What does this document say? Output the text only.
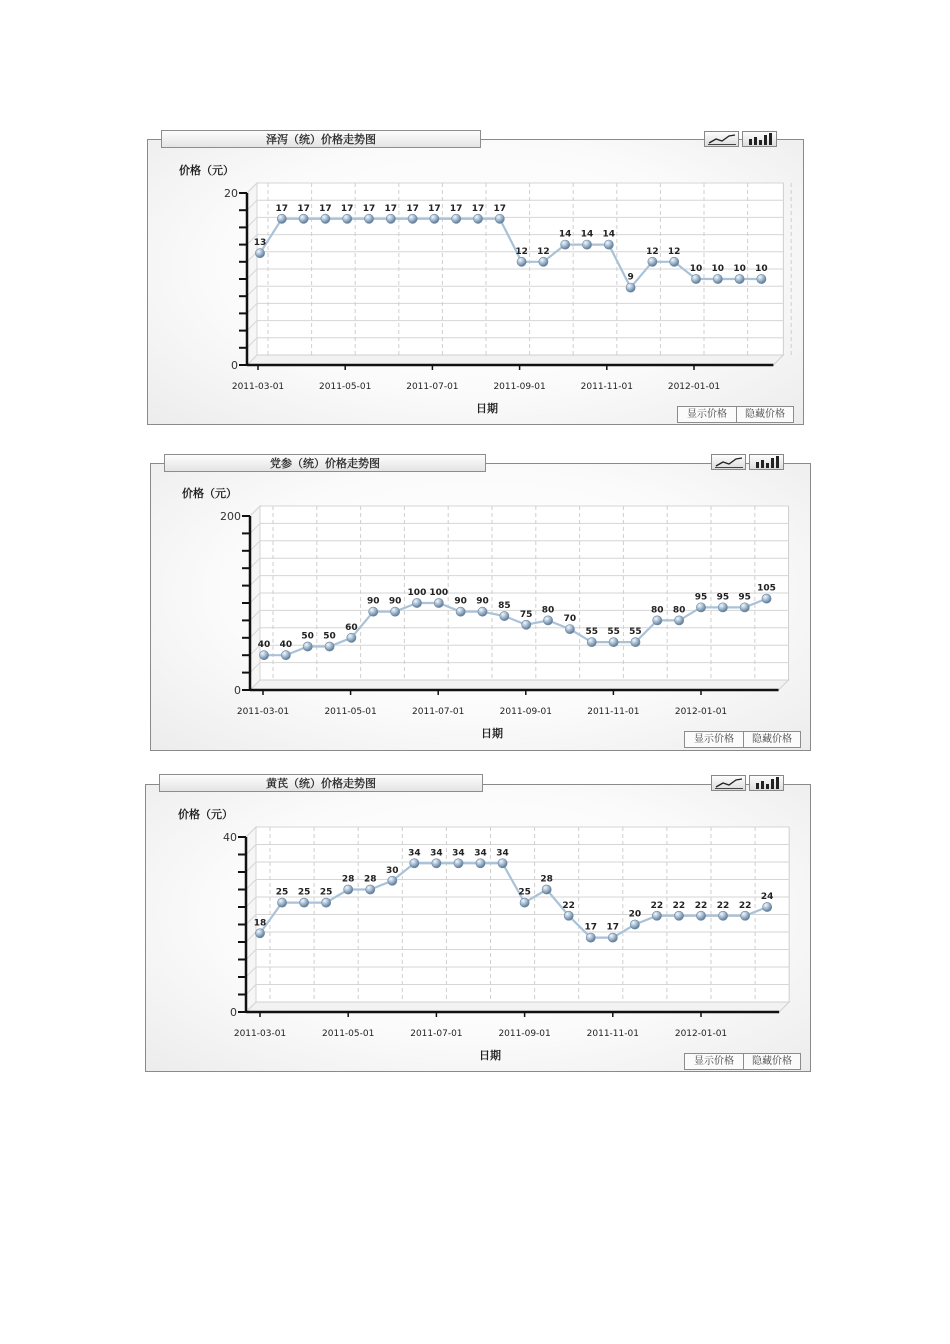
泽泻（统）价格走势图
价格（元）
日期	显示价格	隐藏价格
0
20
2011-03-01	2011-05-01	2011-07-01	2011-09-01	2011-11-01	2012-01-01
13
17 17 17 17 17 17 17 17 17 17 17
12 12
14 14 14
9
12 12
10 10 10 10
党参（统）价格走势图
价格（元）
日期	显示价格	隐藏价格
0
200
2011-03-01	2011-05-01	2011-07-01	2011-09-01	2011-11-01	2012-01-01
40 40
50 50
60
90 90
100 100
90 90 85
75 80
70
55 55 55
80 80
95 95 95
105
黄芪（统）价格走势图
价格（元）
日期	显示价格	隐藏价格
0
40
2011-03-01	2011-05-01	2011-07-01	2011-09-01	2011-11-01	2012-01-01
18
25 25 25
28 28
30
34 34 34 34 34
25
28
22
17 17
20
22 22 22 22 22
24
